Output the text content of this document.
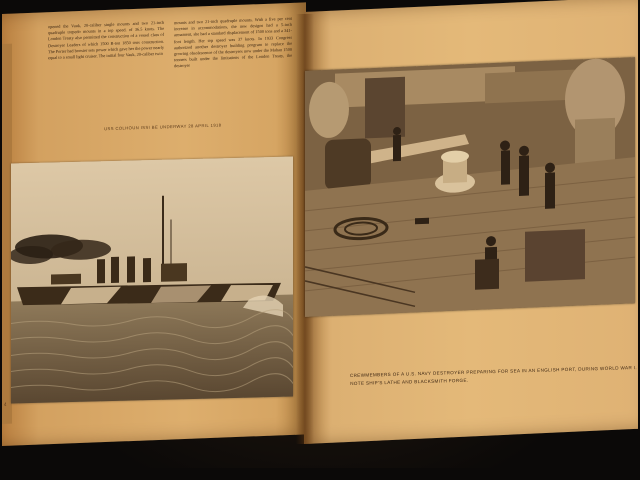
opened the Vauk, 20-caliber single mounts and two 21-inch quadruple torpedo mounts in a top speed. of 36.5 knots. The London Treaty also permitted the construction of a vessel class of Destroyer Leaders of which 1500 R-ton 1850 tons construction. The Porter had booster sets power which gave her the power nearly equal to a small light cruiser. The initial four Vauk, 20-caliber twin
mounts and two 21-inch quadruple mounts. With a five per cent increase in accommodations, the new designs had a 5-inch armament, she had a standard displacement of 1500 tons and a 341-foot length. Her top speed was 37 knots. In 1933 Congress authorized another destroyer building program to replace the growing obsolescence of the destroyers now under the Mahan 1500 tonners built under the limitations of the London Treaty, the destroyer
USS COLHOUN ISSI BE UNDERWAY 28 APRIL 1918
CREWMEMBERS OF A U.S. NAVY DESTROYER PREPARING FOR SEA IN AN ENGLISH PORT, DURING WORLD WAR I.
NOTE SHIP'S LATHE AND BLACKSMITH FORGE.
4
